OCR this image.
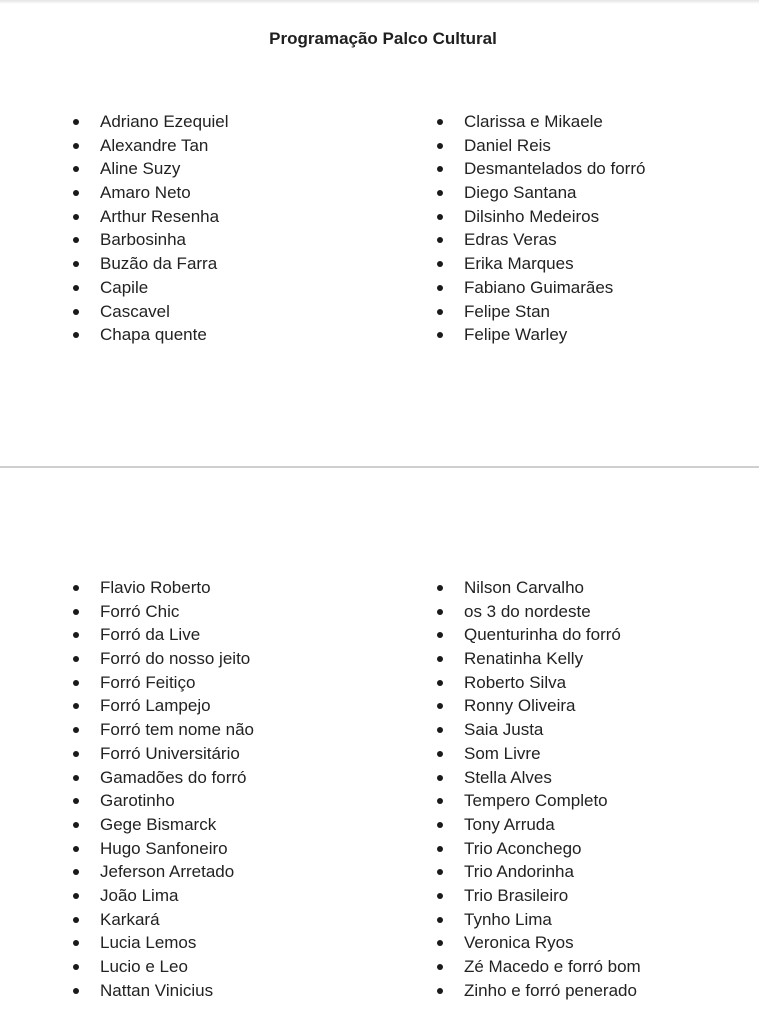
Programação Palco Cultural
Adriano Ezequiel
Alexandre Tan
Aline Suzy
Amaro Neto
Arthur Resenha
Barbosinha
Buzão da Farra
Capile
Cascavel
Chapa quente
Clarissa e Mikaele
Daniel Reis
Desmantelados do forró
Diego Santana
Dilsinho Medeiros
Edras Veras
Erika Marques
Fabiano Guimarães
Felipe Stan
Felipe Warley
Flavio Roberto
Forró Chic
Forró da Live
Forró do nosso jeito
Forró Feitiço
Forró Lampejo
Forró tem nome não
Forró Universitário
Gamadões do forró
Garotinho
Gege Bismarck
Hugo Sanfoneiro
Jeferson Arretado
João Lima
Karkará
Lucia Lemos
Lucio e Leo
Nattan Vinicius
Nilson Carvalho
os 3 do nordeste
Quenturinha do forró
Renatinha Kelly
Roberto Silva
Ronny Oliveira
Saia Justa
Som Livre
Stella Alves
Tempero Completo
Tony Arruda
Trio Aconchego
Trio Andorinha
Trio Brasileiro
Tynho Lima
Veronica Ryos
Zé Macedo e forró bom
Zinho e forró penerado
